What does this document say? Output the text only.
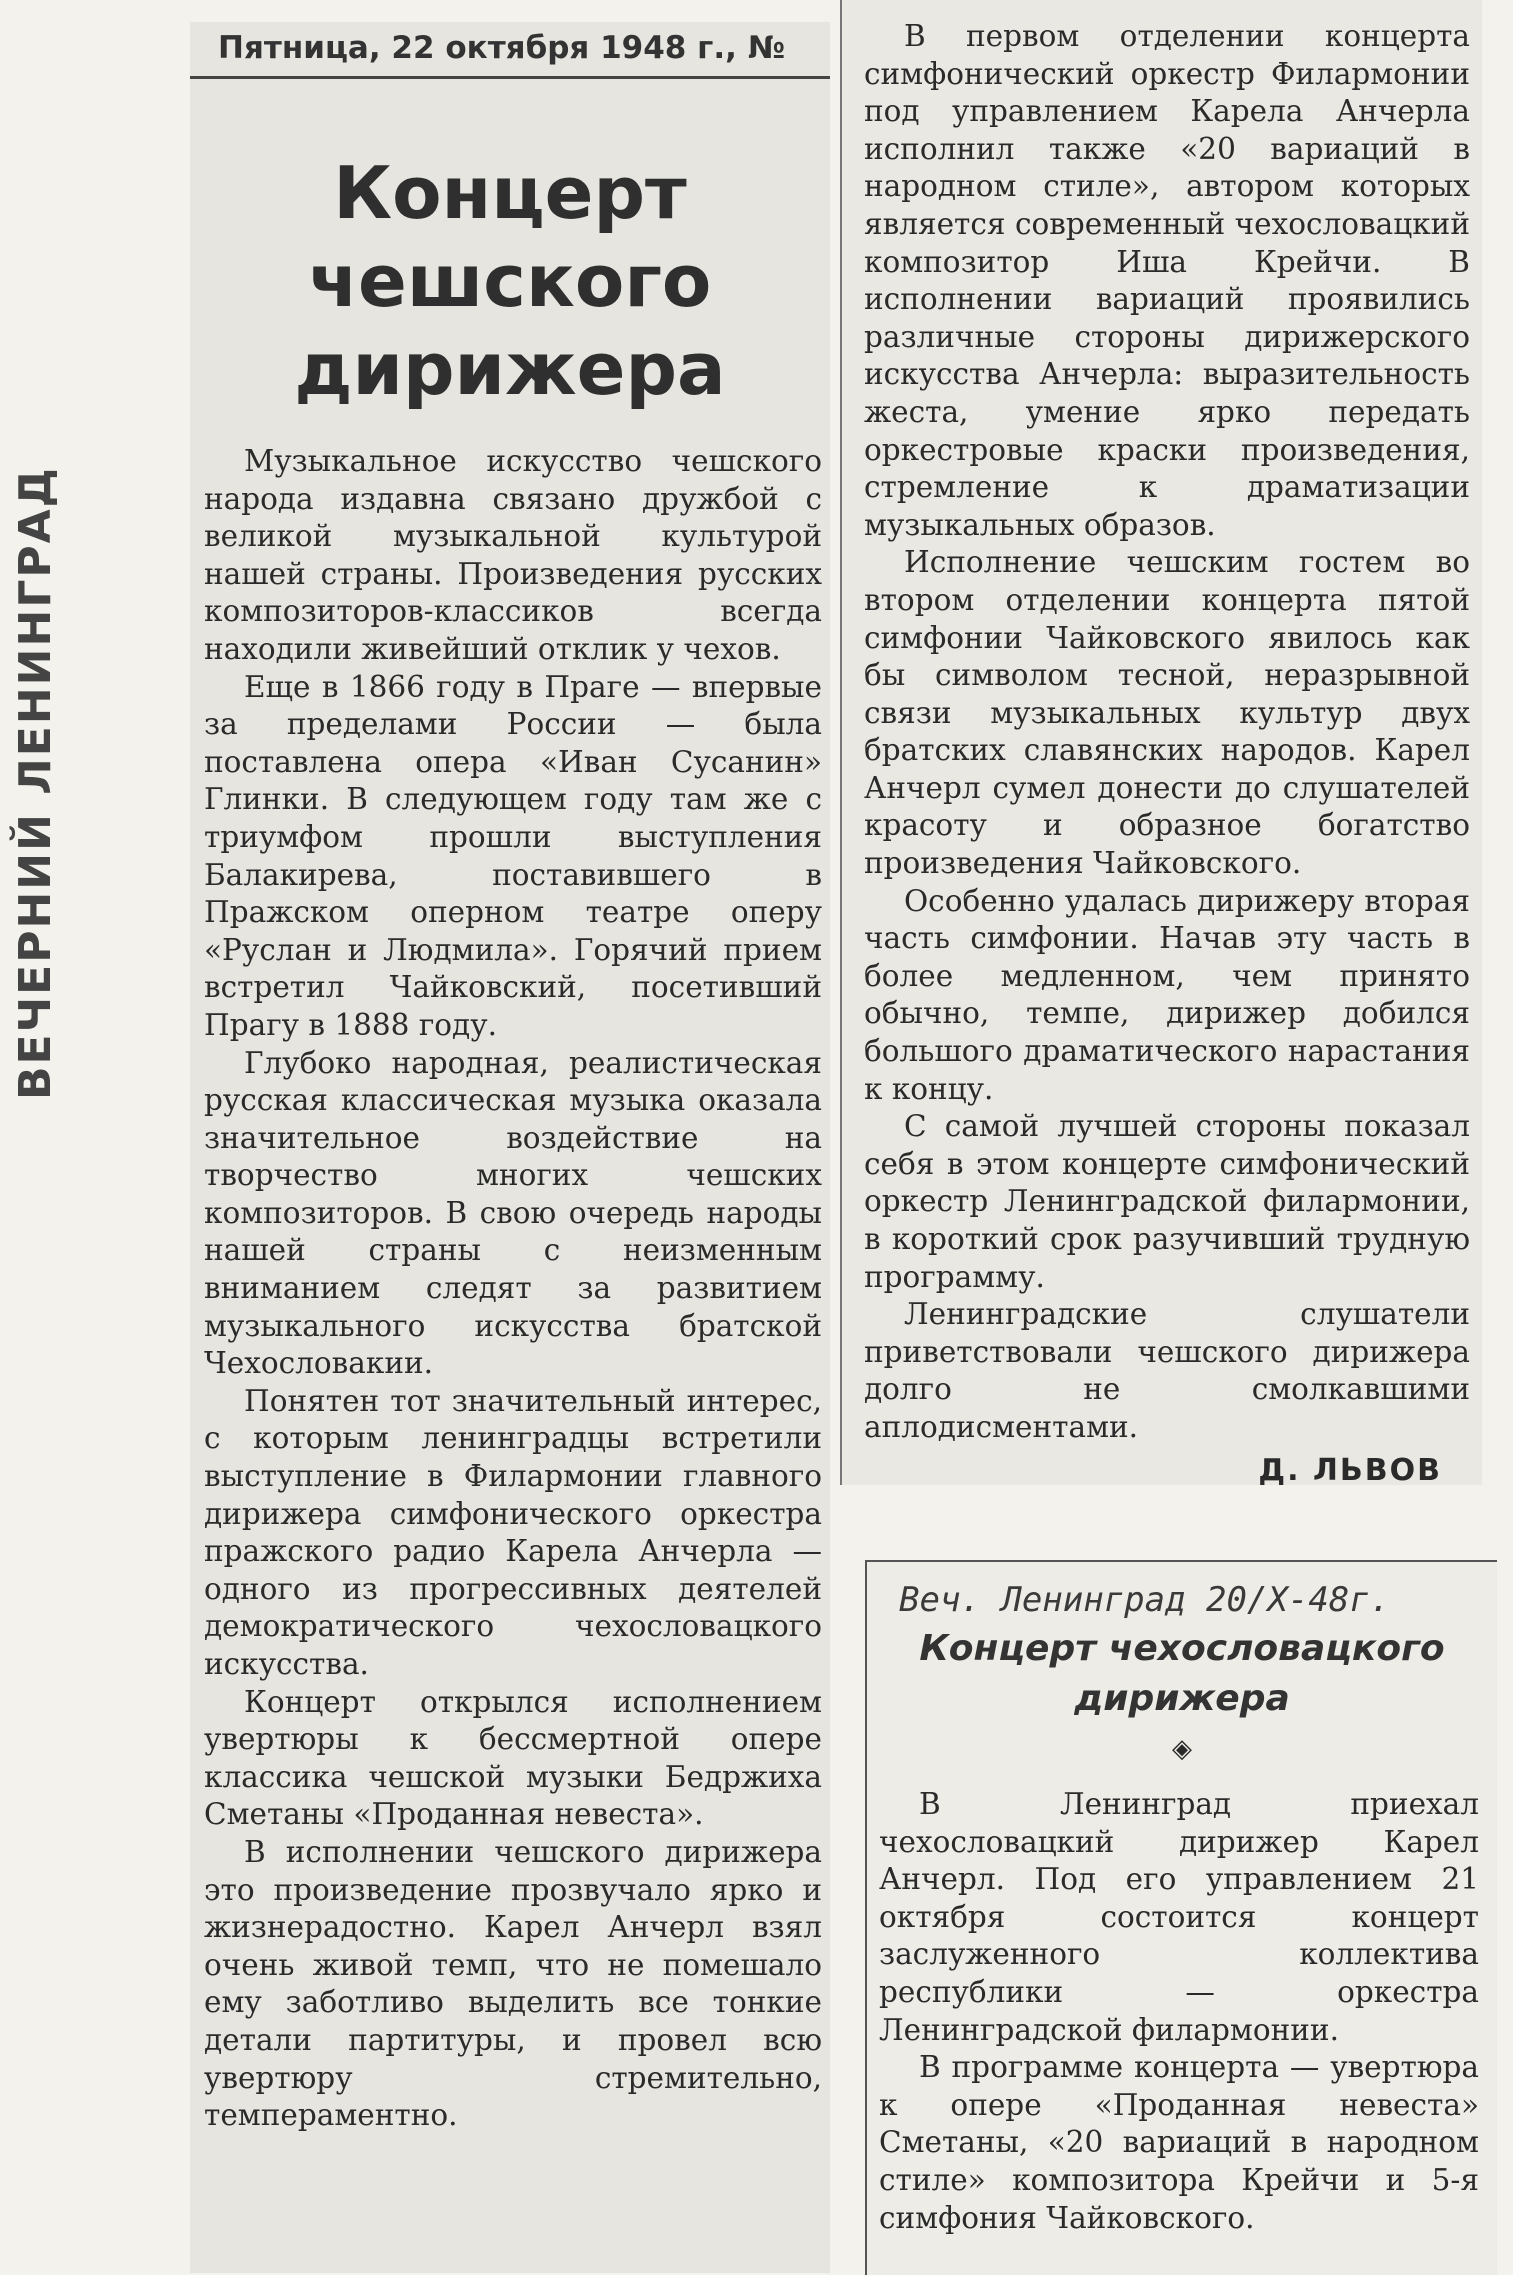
ВЕЧЕРНИЙ ЛЕНИНГРАД
Пятница, 22 октября 1948 г., №
Концерт
чешского
дирижера

Музыкальное искусство чешского народа издавна связано дружбой с великой музыкальной культурой нашей страны. Произведения русских композиторов-классиков всегда находили живейший отклик у чехов.

Еще в 1866 году в Праге — впервые за пределами России — была поставлена опера «Иван Сусанин» Глинки. В следующем году там же с триумфом прошли выступления Балакирева, поставившего в Пражском оперном театре оперу «Руслан и Людмила». Горячий прием встретил Чайковский, посетивший Прагу в 1888 году.

Глубоко народная, реалистическая русская классическая музыка оказала значительное воздействие на творчество многих чешских композиторов. В свою очередь народы нашей страны с неизменным вниманием следят за развитием музыкального искусства братской Чехословакии.

Понятен тот значительный интерес, с которым ленинградцы встретили выступление в Филармонии главного дирижера симфонического оркестра пражского радио Карела Анчерла — одного из прогрессивных деятелей демократического чехословацкого искусства.

Концерт открылся исполнением увертюры к бессмертной опере классика чешской музыки Бедржиха Сметаны «Проданная невеста».

В исполнении чешского дирижера это произведение прозвучало ярко и жизнерадостно. Карел Анчерл взял очень живой темп, что не помешало ему заботливо выделить все тонкие детали партитуры, и провел всю увертюру стремительно, темпераментно.

В первом отделении концерта симфонический оркестр Филармонии под управлением Карела Анчерла исполнил также «20 вариаций в народном стиле», автором которых является современный чехословацкий композитор Иша Крейчи. В исполнении вариаций проявились различные стороны дирижерского искусства Анчерла: выразительность жеста, умение ярко передать оркестровые краски произведения, стремление к драматизации музыкальных образов.

Исполнение чешским гостем во втором отделении концерта пятой симфонии Чайковского явилось как бы символом тесной, неразрывной связи музыкальных культур двух братских славянских народов. Карел Анчерл сумел донести до слушателей красоту и образное богатство произведения Чайковского.

Особенно удалась дирижеру вторая часть симфонии. Начав эту часть в более медленном, чем принято обычно, темпе, дирижер добился большого драматического нарастания к концу.

С самой лучшей стороны показал себя в этом концерте симфонический оркестр Ленинградской филармонии, в короткий срок разучивший трудную программу.

Ленинградские слушатели приветствовали чешского дирижера долго не смолкавшими аплодисментами.

Д. ЛЬВОВ
Веч. Ленинград 20/X-48г.
Концерт чехословацкого
дирижера
◈

В Ленинград приехал чехословацкий дирижер Карел Анчерл. Под его управлением 21 октября состоится концерт заслуженного коллектива республики — оркестра Ленинградской филармонии.

В программе концерта — увертюра к опере «Проданная невеста» Сметаны, «20 вариаций в народном стиле» композитора Крейчи и 5-я симфония Чайковского.
